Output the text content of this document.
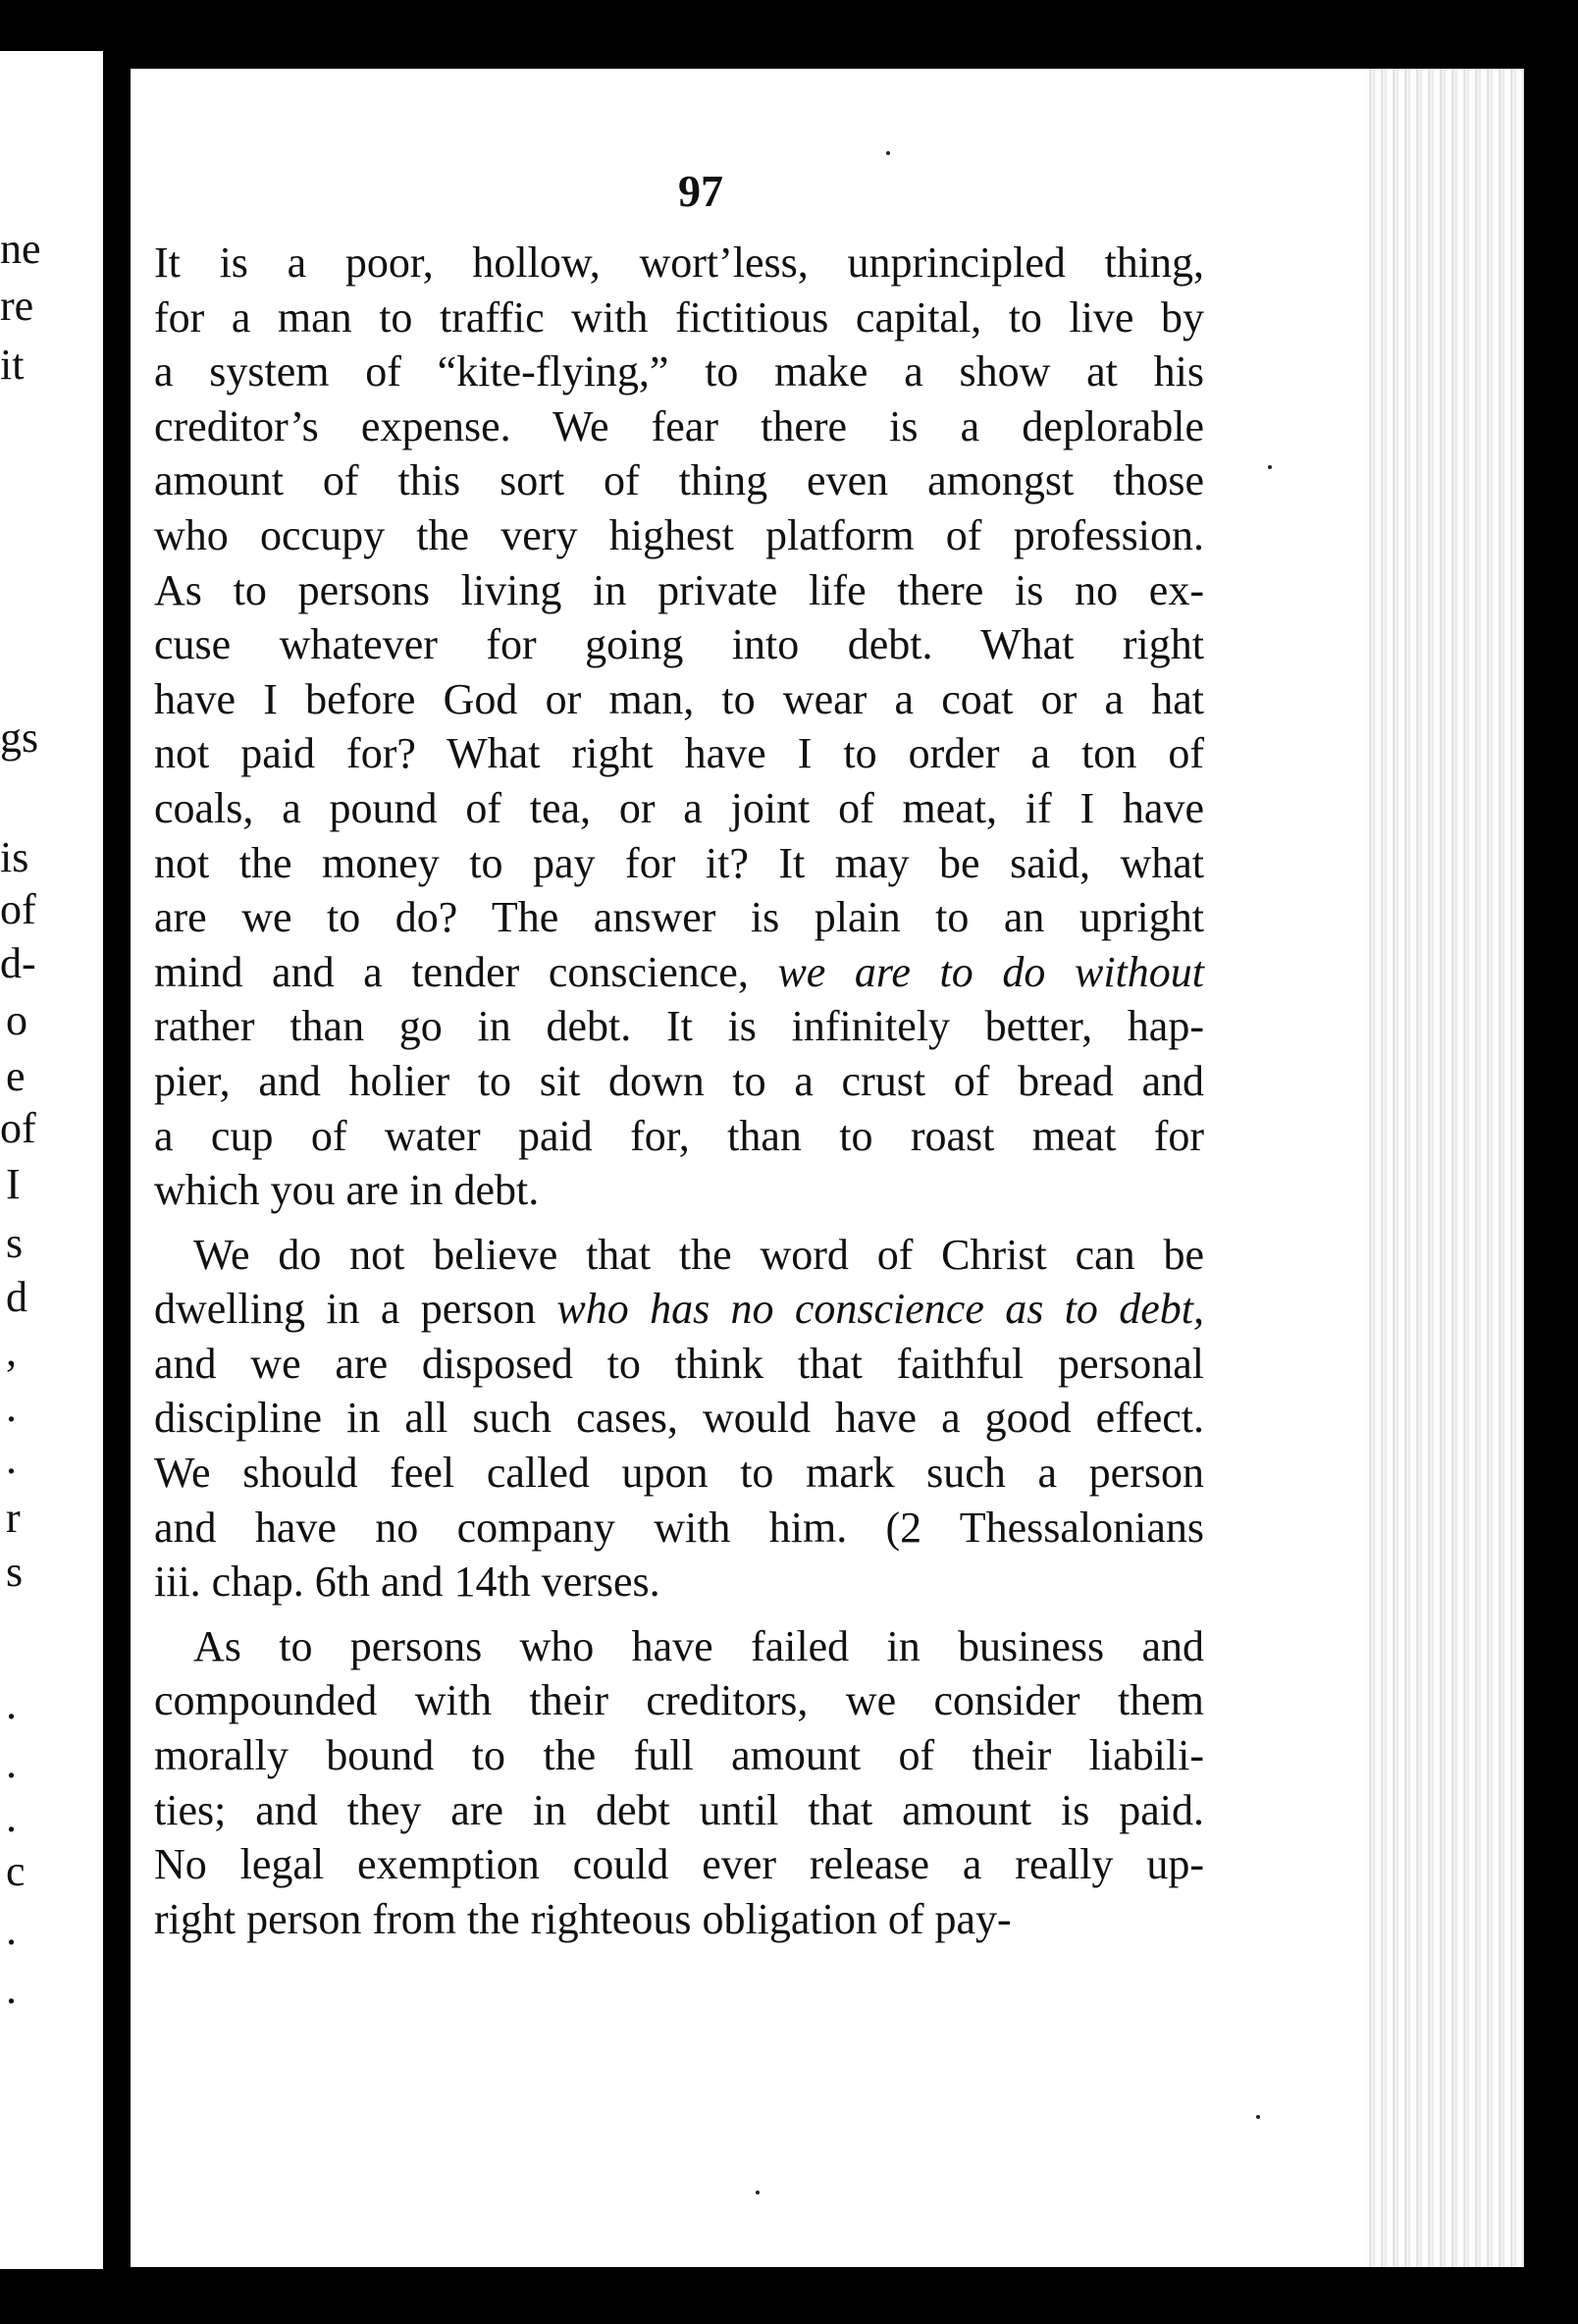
ne
re
it
gs
is
of
d-
o
e
of
I
s
d
,
.
.
r
s
.
.
.
c
.
.
97
It is a poor, hollow, wort’less, unprincipled thing,
for a man to traffic with fictitious capital, to live by
a system of “kite-flying,” to make a show at his
creditor’s expense. We fear there is a deplorable
amount of this sort of thing even amongst those
who occupy the very highest platform of profession.
As to persons living in private life there is no ex-
cuse whatever for going into debt. What right
have I before God or man, to wear a coat or a hat
not paid for? What right have I to order a ton of
coals, a pound of tea, or a joint of meat, if I have
not the money to pay for it? It may be said, what
are we to do? The answer is plain to an upright
mind and a tender conscience, we are to do without
rather than go in debt. It is infinitely better, hap-
pier, and holier to sit down to a crust of bread and
a cup of water paid for, than to roast meat for
which you are in debt.
We do not believe that the word of Christ can be
dwelling in a person who has no conscience as to debt,
and we are disposed to think that faithful personal
discipline in all such cases, would have a good effect.
We should feel called upon to mark such a person
and have no company with him. (2 Thessalonians
iii. chap. 6th and 14th verses.
As to persons who have failed in business and
compounded with their creditors, we consider them
morally bound to the full amount of their liabili-
ties; and they are in debt until that amount is paid.
No legal exemption could ever release a really up-
right person from the righteous obligation of pay-
